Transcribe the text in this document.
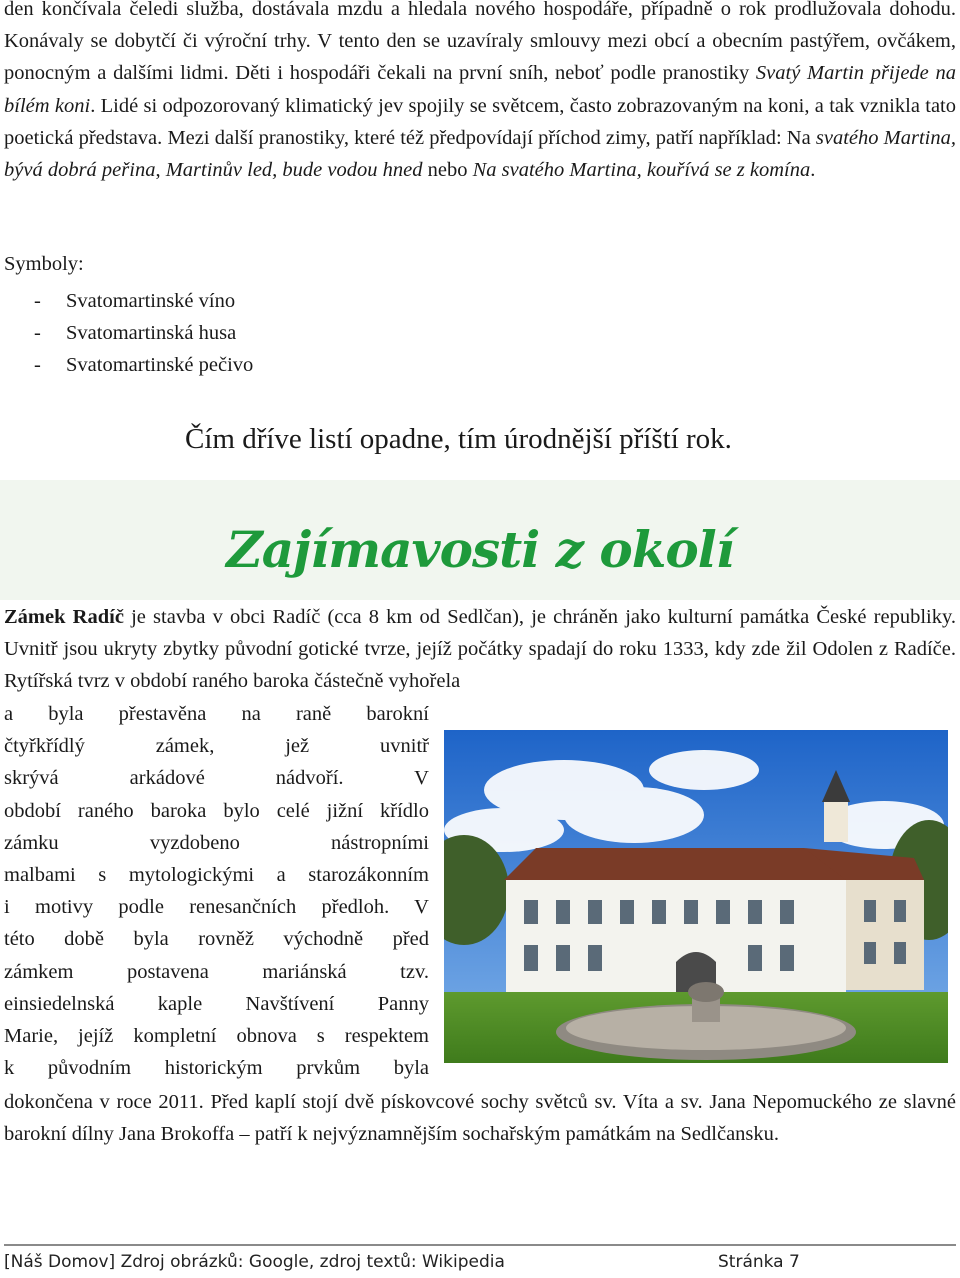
den končívala čeledi služba, dostávala mzdu a hledala nového hospodáře, případně o rok prodlužovala dohodu. Konávaly se dobytčí či výroční trhy. V tento den se uzavíraly smlouvy mezi obcí a obecním pastýřem, ovčákem, ponocným a dalšími lidmi. Děti i hospodáři čekali na první sníh, neboť podle pranostiky Svatý Martin přijede na bílém koni. Lidé si odpozorovaný klimatický jev spojily se světcem, často zobrazovaným na koni, a tak vznikla tato poetická představa. Mezi další pranostiky, které též předpovídají příchod zimy, patří například: Na svatého Martina, bývá dobrá peřina, Martinův led, bude vodou hned nebo Na svatého Martina, kouřívá se z komína.

Symboly:

- Svatomartinské víno
- Svatomartinská husa
- Svatomartinské pečivo

Čím dříve listí opadne, tím úrodnější příští rok.

Zajímavosti z okolí

Zámek Radíč je stavba v obci Radíč (cca 8 km od Sedlčan), je chráněn jako kulturní památka České republiky. Uvnitř jsou ukryty zbytky původní gotické tvrze, jejíž počátky spadají do roku 1333, kdy zde žil Odolen z Radíče. Rytířská tvrz v období raného baroka částečně vyhořela

a byla přestavěna na raně barokní
čtyřkřídlý zámek, jež uvnitř
skrývá arkádové nádvoří. V
období raného baroka bylo celé jižní křídlo
zámku vyzdobeno nástropními
malbami s mytologickými a starozákonním
i motivy podle renesančních předloh. V
této době byla rovněž východně před
zámkem postavena mariánská tzv.
einsiedelnská kaple Navštívení Panny
Marie, jejíž kompletní obnova s respektem
k původním historickým prvkům byla

dokončena v roce 2011. Před kaplí stojí dvě pískovcové sochy světců sv. Víta a sv. Jana Nepomuckého ze slavné barokní dílny Jana Brokoffa – patří k nejvýznamnějším sochařským památkám na Sedlčansku.

[Náš Domov] Zdroj obrázků: Google, zdroj textů: Wikipedia	Stránka 7
